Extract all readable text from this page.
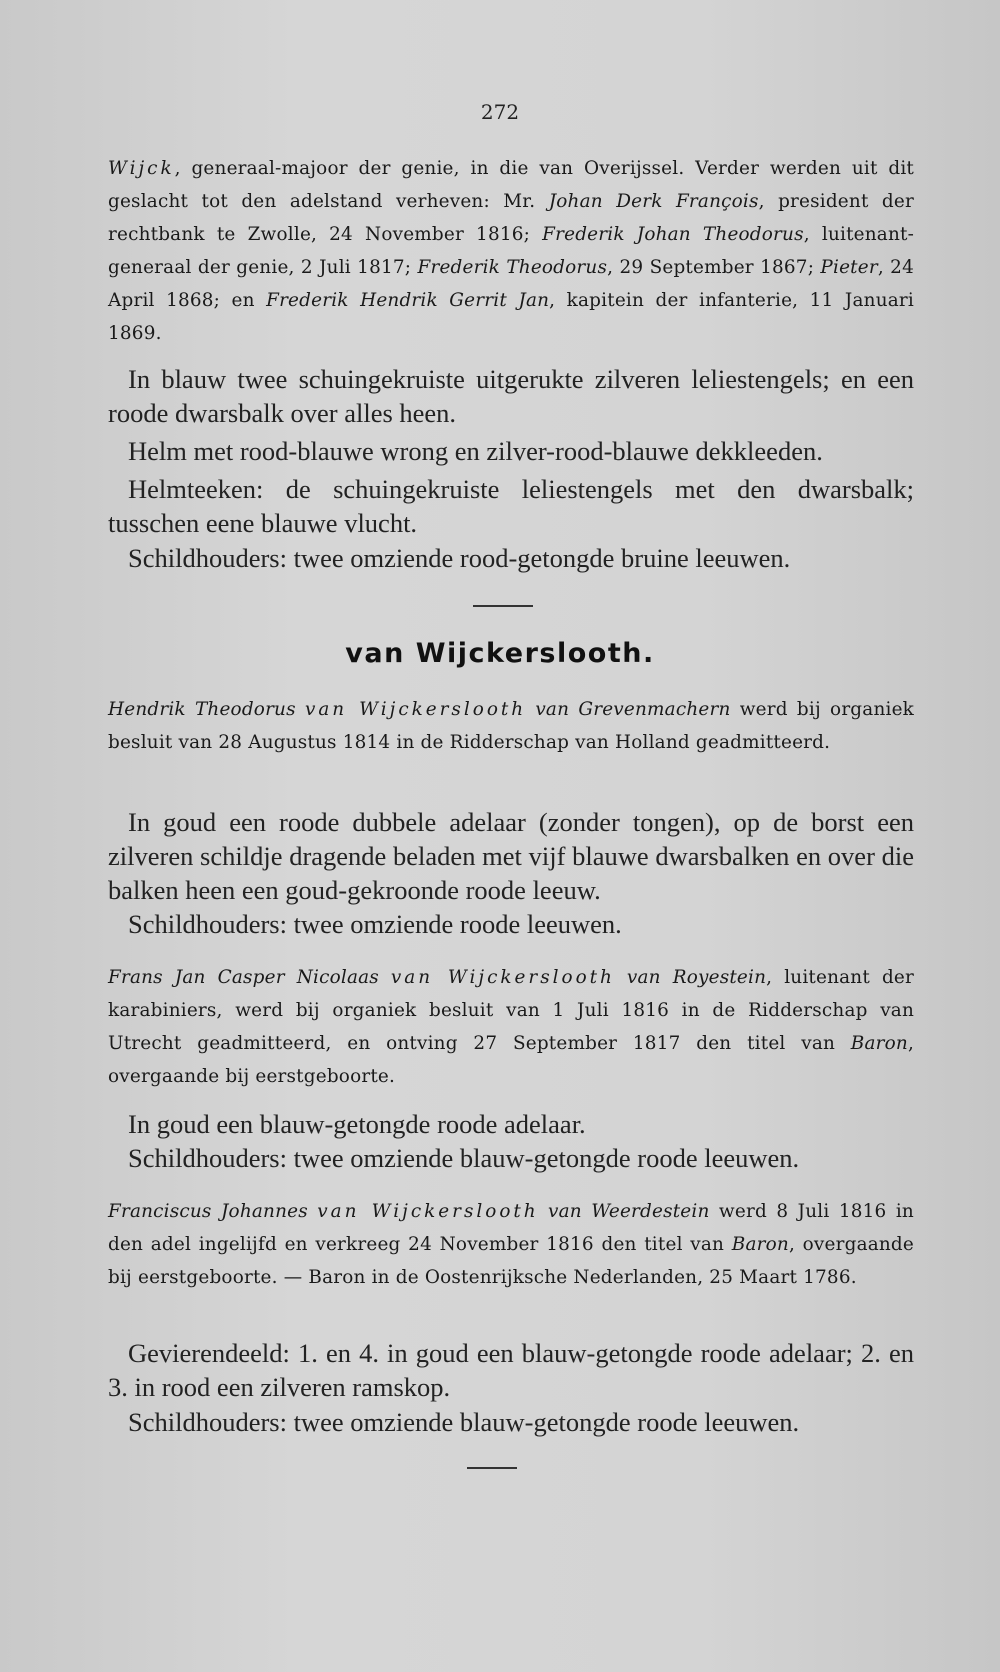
272

Wijck, generaal-majoor der genie, in die van Overijssel. Verder werden uit dit geslacht tot den adelstand verheven: Mr. Johan Derk François, president der rechtbank te Zwolle, 24 November 1816; Frederik Johan Theodorus, luitenant-generaal der genie, 2 Juli 1817; Frederik Theodorus, 29 September 1867; Pieter, 24 April 1868; en Frederik Hendrik Gerrit Jan, kapitein der infanterie, 11 Januari 1869.

In blauw twee schuingekruiste uitgerukte zilveren leliestengels; en een roode dwarsbalk over alles heen.

Helm met rood-blauwe wrong en zilver-rood-blauwe dekkleeden.

Helmteeken: de schuingekruiste leliestengels met den dwarsbalk; tusschen eene blauwe vlucht.

Schildhouders: twee omziende rood-getongde bruine leeuwen.

van Wijckerslooth.

Hendrik Theodorus van Wijckerslooth van Grevenmachern werd bij organiek besluit van 28 Augustus 1814 in de Ridderschap van Holland geadmitteerd.

In goud een roode dubbele adelaar (zonder tongen), op de borst een zilveren schildje dragende beladen met vijf blauwe dwarsbalken en over die balken heen een goud-gekroonde roode leeuw.

Schildhouders: twee omziende roode leeuwen.

Frans Jan Casper Nicolaas van Wijckerslooth van Royestein, luitenant der karabiniers, werd bij organiek besluit van 1 Juli 1816 in de Ridderschap van Utrecht geadmitteerd, en ontving 27 September 1817 den titel van Baron, overgaande bij eerstgeboorte.

In goud een blauw-getongde roode adelaar.

Schildhouders: twee omziende blauw-getongde roode leeuwen.

Franciscus Johannes van Wijckerslooth van Weerdestein werd 8 Juli 1816 in den adel ingelijfd en verkreeg 24 November 1816 den titel van Baron, overgaande bij eerstgeboorte. — Baron in de Oostenrijksche Nederlanden, 25 Maart 1786.

Gevierendeeld: 1. en 4. in goud een blauw-getongde roode adelaar; 2. en 3. in rood een zilveren ramskop.

Schildhouders: twee omziende blauw-getongde roode leeuwen.
